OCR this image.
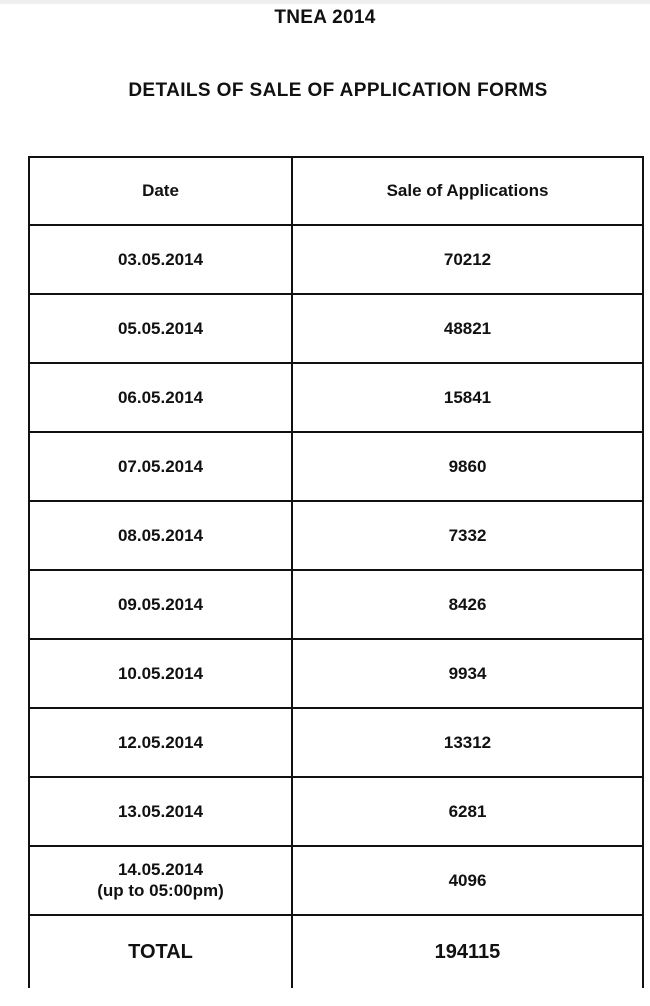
TNEA 2014
DETAILS OF SALE OF APPLICATION FORMS
Date	Sale of Applications
03.05.2014	70212
05.05.2014	48821
06.05.2014	15841
07.05.2014	9860
08.05.2014	7332
09.05.2014	8426
10.05.2014	9934
12.05.2014	13312
13.05.2014	6281
14.05.2014
(up to 05:00pm)	4096
TOTAL	194115
